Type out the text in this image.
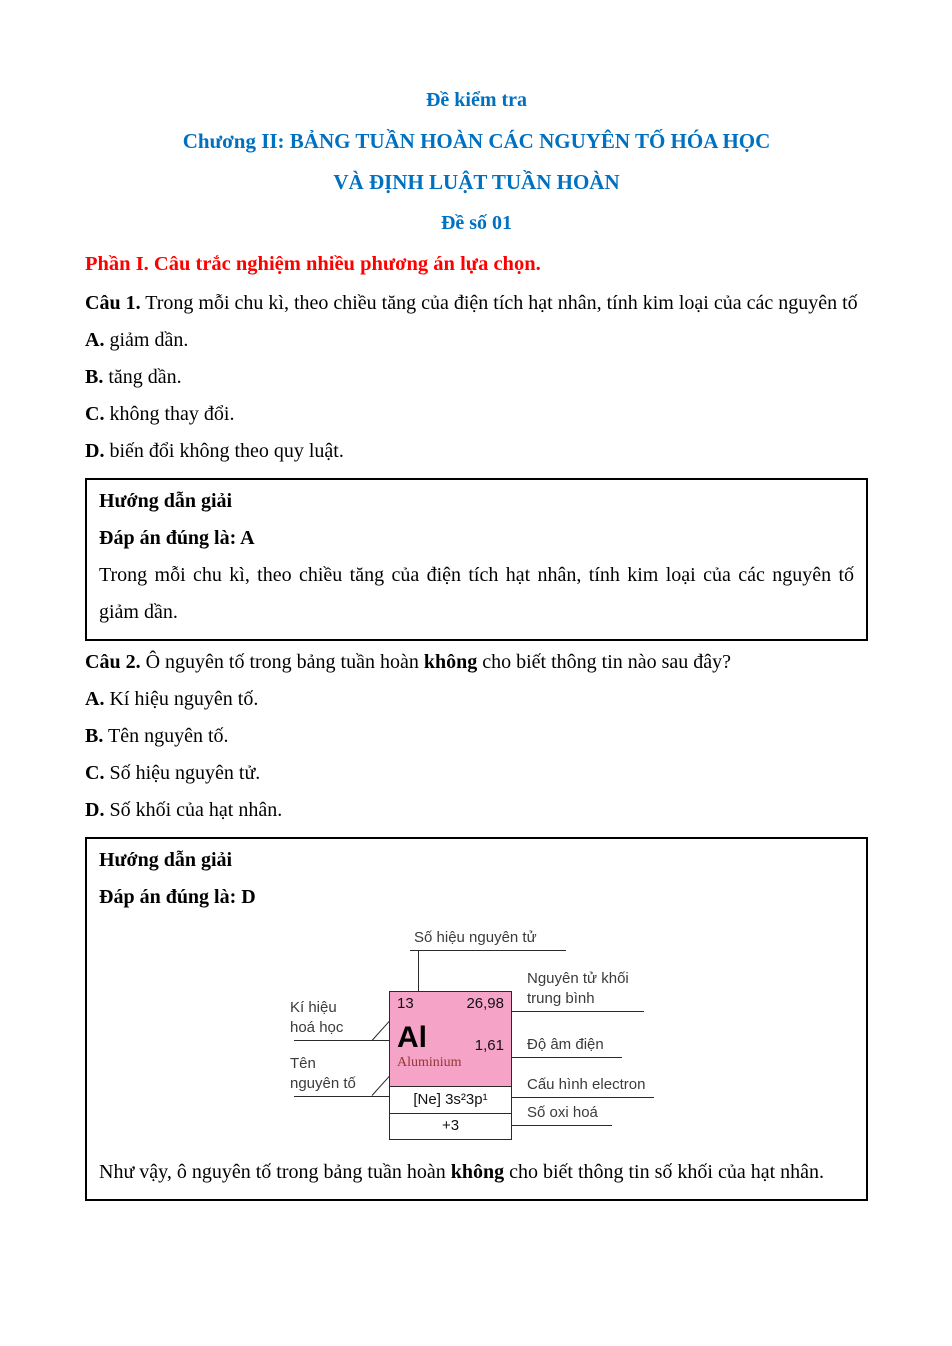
Đề kiểm tra

Chương II: BẢNG TUẦN HOÀN CÁC NGUYÊN TỐ HÓA HỌC

VÀ ĐỊNH LUẬT TUẦN HOÀN

Đề số 01

Phần I. Câu trắc nghiệm nhiều phương án lựa chọn.

Câu 1. Trong mỗi chu kì, theo chiều tăng của điện tích hạt nhân, tính kim loại của các nguyên tố

A. giảm dần.

B. tăng dần.

C. không thay đổi.

D. biến đổi không theo quy luật.

Hướng dẫn giải

Đáp án đúng là: A

Trong mỗi chu kì, theo chiều tăng của điện tích hạt nhân, tính kim loại của các nguyên tố giảm dần.

Câu 2. Ô nguyên tố trong bảng tuần hoàn không cho biết thông tin nào sau đây?

A. Kí hiệu nguyên tố.

B. Tên nguyên tố.

C. Số hiệu nguyên tử.

D. Số khối của hạt nhân.

Hướng dẫn giải

Đáp án đúng là: D

Số hiệu nguyên tử
Kí hiệu hoá học
Tên nguyên tố
13	26,98
Al	1,61
Aluminium
[Ne] 3s²3p¹
+3
Nguyên tử khối trung bình
Độ âm điện
Cấu hình electron
Số oxi hoá

Như vậy, ô nguyên tố trong bảng tuần hoàn không cho biết thông tin số khối của hạt nhân.
